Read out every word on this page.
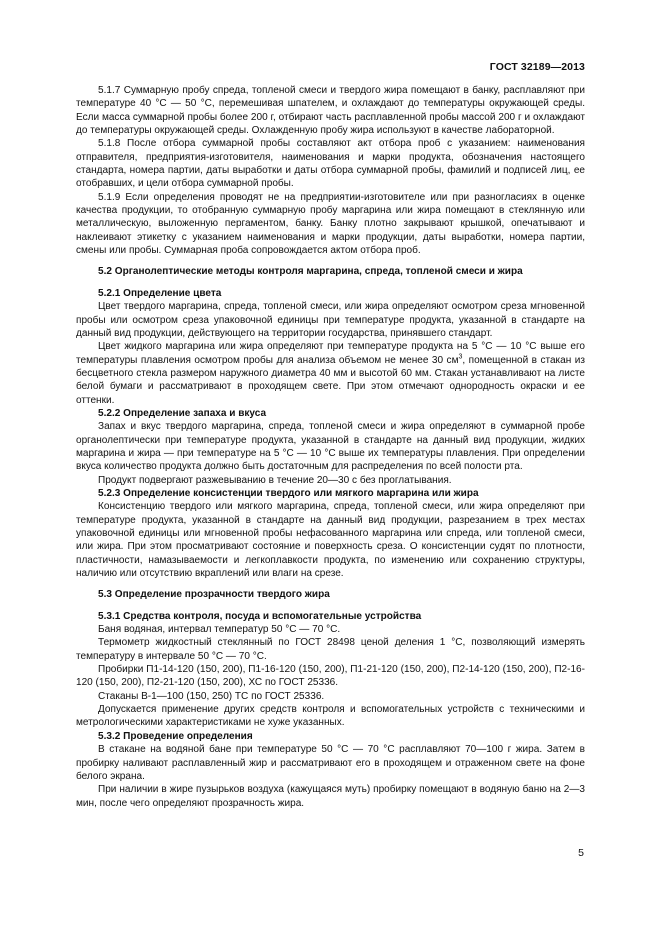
ГОСТ 32189—2013

5.1.7 Суммарную пробу спреда, топленой смеси и твердого жира помещают в банку, расплавляют при температуре 40 °С — 50 °С, перемешивая шпателем, и охлаждают до температуры окружающей среды. Если масса суммарной пробы более 200 г, отбирают часть расплавленной пробы массой 200 г и охлаждают до температуры окружающей среды. Охлажденную пробу жира используют в качестве лабораторной.

5.1.8 После отбора суммарной пробы составляют акт отбора проб с указанием: наименования отправителя, предприятия-изготовителя, наименования и марки продукта, обозначения настоящего стандарта, номера партии, даты выработки и даты отбора суммарной пробы, фамилий и подписей лиц, ее отобравших, и цели отбора суммарной пробы.

5.1.9 Если определения проводят не на предприятии-изготовителе или при разногласиях в оценке качества продукции, то отобранную суммарную пробу маргарина или жира помещают в стеклянную или металлическую, выложенную пергаментом, банку. Банку плотно закрывают крышкой, опечатывают и наклеивают этикетку с указанием наименования и марки продукции, даты выработки, номера партии, смены или пробы. Суммарная проба сопровождается актом отбора проб.

5.2 Органолептические методы контроля маргарина, спреда, топленой смеси и жира
5.2.1 Определение цвета

Цвет твердого маргарина, спреда, топленой смеси, или жира определяют осмотром среза мгновенной пробы или осмотром среза упаковочной единицы при температуре продукта, указанной в стандарте на данный вид продукции, действующего на территории государства, принявшего стандарт.

Цвет жидкого маргарина или жира определяют при температуре продукта на 5 °С — 10 °С выше его температуры плавления осмотром пробы для анализа объемом не менее 30 $см^3$, помещенной в стакан из бесцветного стекла размером наружного диаметра 40 мм и высотой 60 мм. Стакан устанавливают на листе белой бумаги и рассматривают в проходящем свете. При этом отмечают однородность окраски и ее оттенки.

5.2.2 Определение запаха и вкуса

Запах и вкус твердого маргарина, спреда, топленой смеси и жира определяют в суммарной пробе органолептически при температуре продукта, указанной в стандарте на данный вид продукции, жидких маргарина и жира — при температуре на 5 °С — 10 °С выше их температуры плавления. При определении вкуса количество продукта должно быть достаточным для распределения по всей полости рта.

Продукт подвергают разжевыванию в течение 20—30 с без проглатывания.

5.2.3 Определение консистенции твердого или мягкого маргарина или жира

Консистенцию твердого или мягкого маргарина, спреда, топленой смеси, или жира определяют при температуре продукта, указанной в стандарте на данный вид продукции, разрезанием в трех местах упаковочной единицы или мгновенной пробы нефасованного маргарина или спреда, или топленой смеси, или жира. При этом просматривают состояние и поверхность среза. О консистенции судят по плотности, пластичности, намазываемости и легкоплавкости продукта, по изменению или сохранению структуры, наличию или отсутствию вкраплений или влаги на срезе.

5.3 Определение прозрачности твердого жира
5.3.1 Средства контроля, посуда и вспомогательные устройства

Баня водяная, интервал температур 50 °С — 70 °С.

Термометр жидкостный стеклянный по ГОСТ 28498 ценой деления 1 °С, позволяющий измерять температуру в интервале 50 °С — 70 °С.

Пробирки П1-14-120 (150, 200), П1-16-120 (150, 200), П1-21-120 (150, 200), П2-14-120 (150, 200), П2-16-120 (150, 200), П2-21-120 (150, 200), ХС по ГОСТ 25336.

Стаканы В-1—100 (150, 250) ТС по ГОСТ 25336.

Допускается применение других средств контроля и вспомогательных устройств с техническими и метрологическими характеристиками не хуже указанных.

5.3.2 Проведение определения

В стакане на водяной бане при температуре 50 °С — 70 °С расплавляют 70—100 г жира. Затем в пробирку наливают расплавленный жир и рассматривают его в проходящем и отраженном свете на фоне белого экрана.

При наличии в жире пузырьков воздуха (кажущаяся муть) пробирку помещают в водяную баню на 2—3 мин, после чего определяют прозрачность жира.

5
